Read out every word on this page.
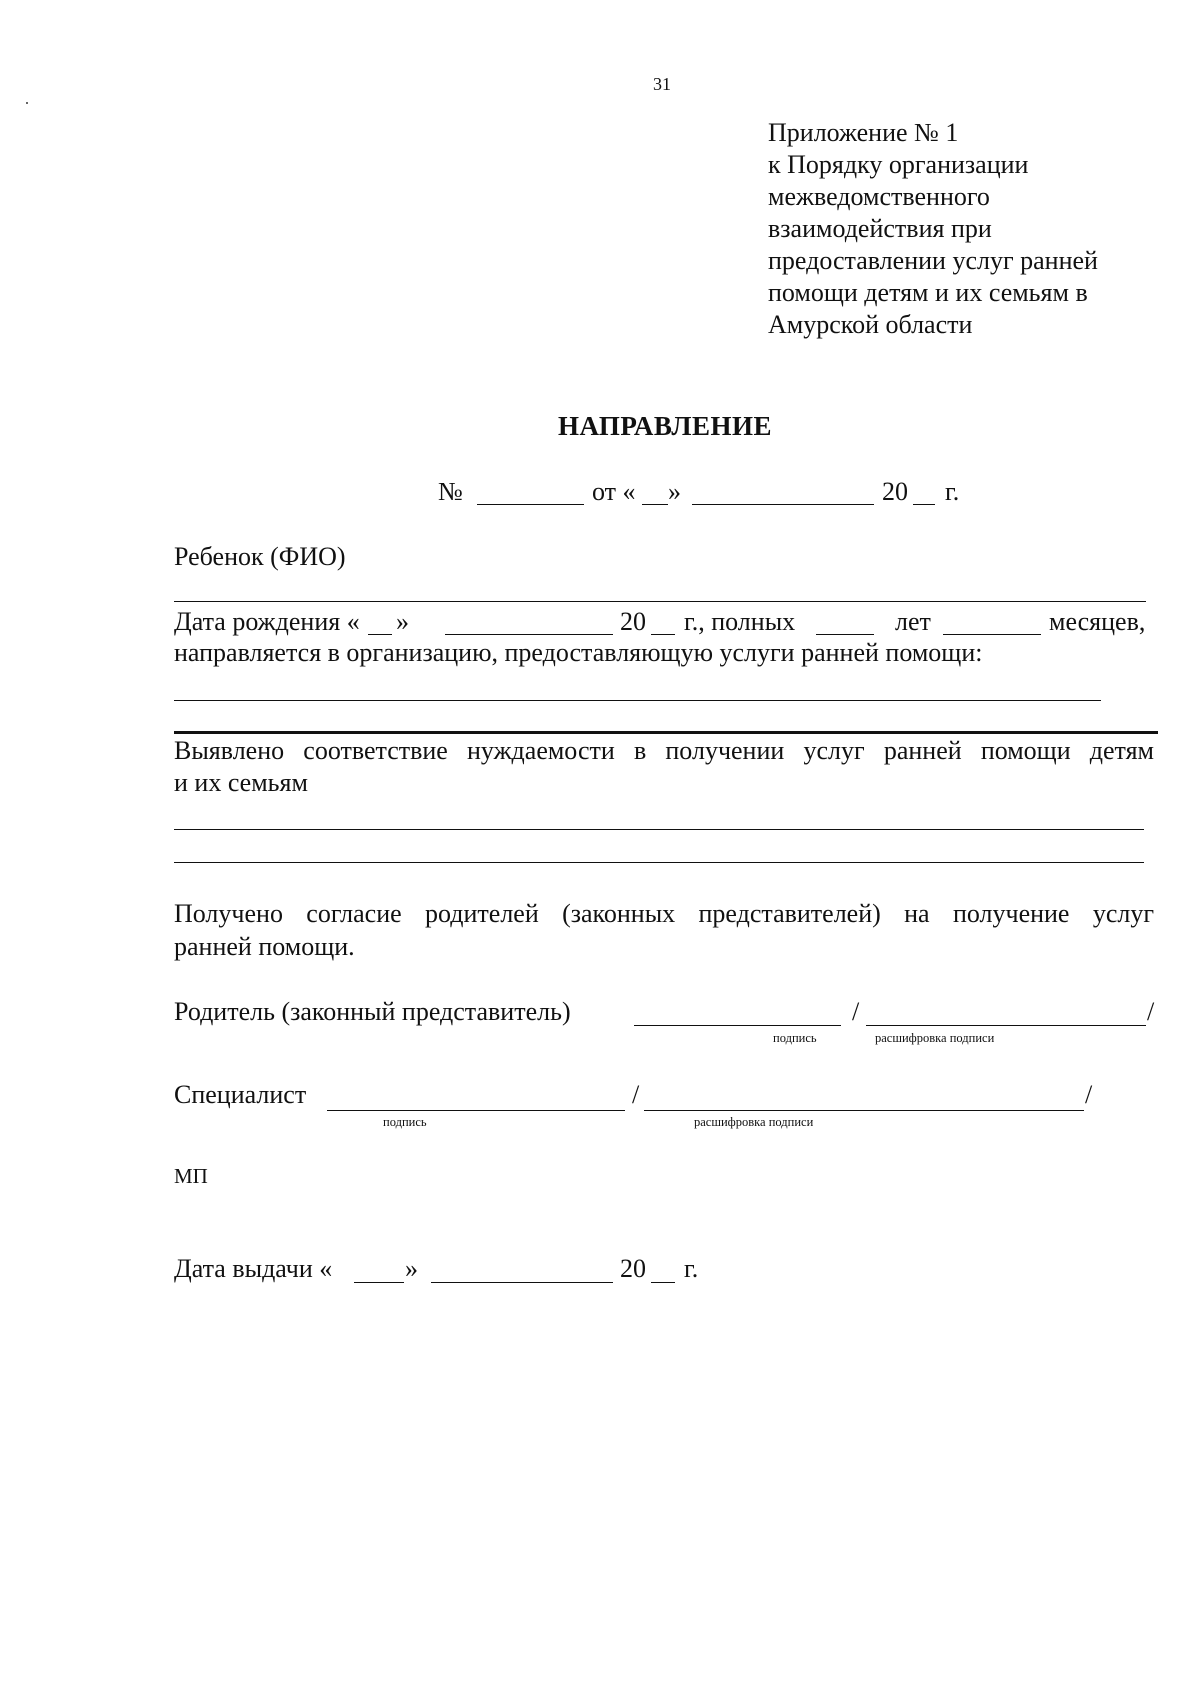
31
Приложение № 1
к Порядку организации
межведомственного
взаимодействия при
предоставлении услуг ранней
помощи детям и их семьям в
Амурской области
НАПРАВЛЕНИЕ
№	от « »	20 г.
Ребенок (ФИО)
Дата рождения « »	20 г., полных	лет	месяцев,
направляется в организацию, предоставляющую услуги ранней помощи:
Выявлено соответствие нуждаемости в получении услуг ранней помощи детям
и их семьям
Получено согласие родителей (законных представителей) на получение услуг
ранней помощи.
Родитель (законный представитель)	/	/
подпись	расшифровка подписи
Специалист	/	/
подпись	расшифровка подписи
МП
Дата выдачи «	»	20 г.
